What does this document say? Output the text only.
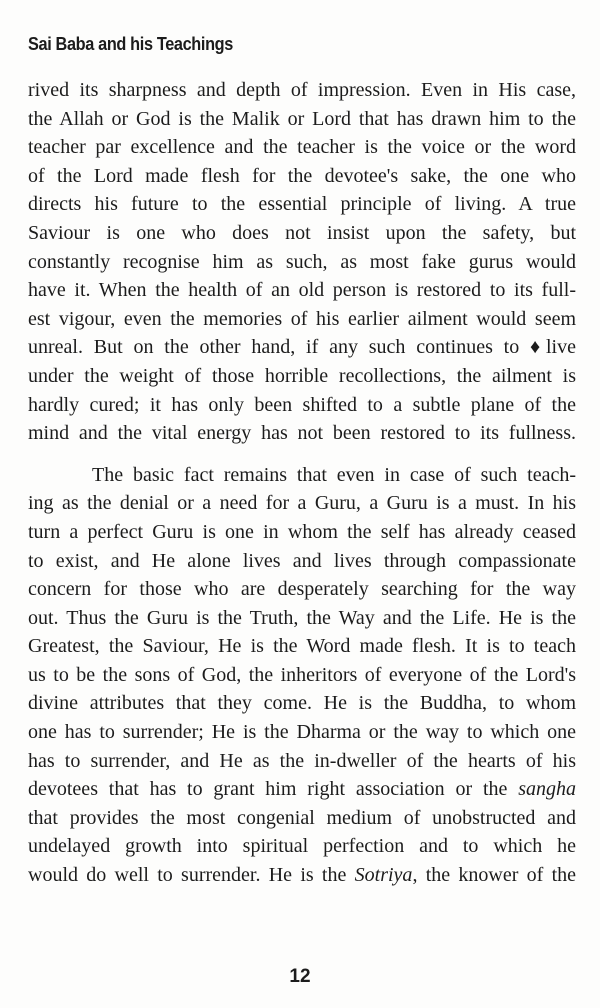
Sai Baba and his Teachings
rived its sharpness and depth of impression. Even in His case,
the Allah or God is the Malik or Lord that has drawn him to the
teacher par excellence and the teacher is the voice or the word
of the Lord made flesh for the devotee's sake, the one who
directs his future to the essential principle of living. A true
Saviour is one who does not insist upon the safety, but
constantly recognise him as such, as most fake gurus would
have it. When the health of an old person is restored to its full-
est vigour, even the memories of his earlier ailment would seem
unreal. But on the other hand, if any such continues to ♦live
under the weight of those horrible recollections, the ailment is
hardly cured; it has only been shifted to a subtle plane of the
mind and the vital energy has not been restored to its fullness.
The basic fact remains that even in case of such teach-
ing as the denial or a need for a Guru, a Guru is a must. In his
turn a perfect Guru is one in whom the self has already ceased
to exist, and He alone lives and lives through compassionate
concern for those who are desperately searching for the way
out. Thus the Guru is the Truth, the Way and the Life. He is the
Greatest, the Saviour, He is the Word made flesh. It is to teach
us to be the sons of God, the inheritors of everyone of the Lord's
divine attributes that they come. He is the Buddha, to whom
one has to surrender; He is the Dharma or the way to which one
has to surrender, and He as the in-dweller of the hearts of his
devotees that has to grant him right association or the sangha
that provides the most congenial medium of unobstructed and
undelayed growth into spiritual perfection and to which he
would do well to surrender. He is the Sotriya, the knower of the
12
